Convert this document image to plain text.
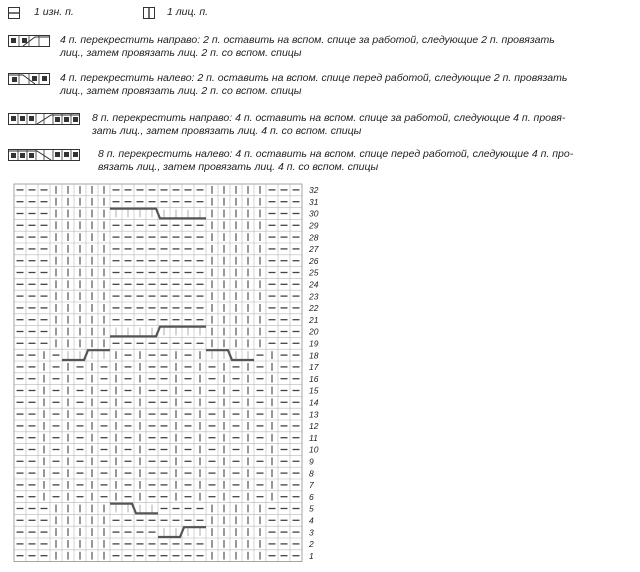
1 изн. п.	1 лиц. п.
4 п. перекрестить направо: 2 п. оставить на вспом. спице за работой, следующие 2 п. провязать
лиц., затем провязать лиц. 2 п. со вспом. спицы
4 п. перекрестить налево: 2 п. оставить на вспом. спице перед работой, следующие 2 п. провязать
лиц., затем провязать лиц. 2 п. со вспом. спицы
8 п. перекрестить направо: 4 п. оставить на вспом. спице за работой, следующие 4 п. провя-
зать лиц., затем провязать лиц. 4 п. со вспом. спицы
8 п. перекрестить налево: 4 п. оставить на вспом. спице перед работой, следующие 4 п. про-
вязать лиц., затем провязать лиц. 4 п. со вспом. спицы
1
2
3
4
5
6
7
8
9
10
11
12
13
14
15
16
17
18
19
20
21
22
23
24
25
26
27
28
29
30
31
32
